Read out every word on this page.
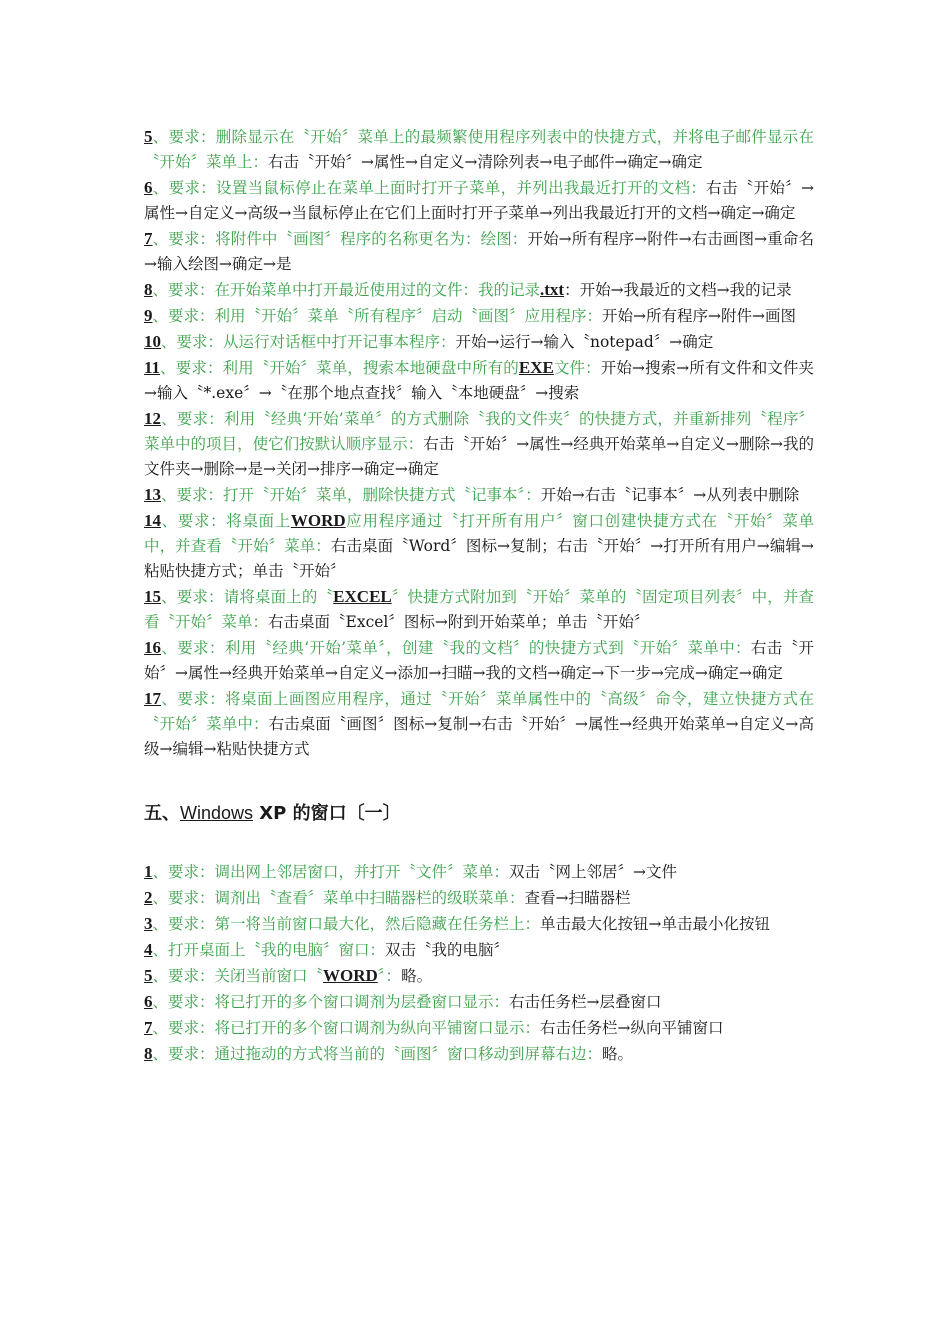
5、要求：删除显示在〝开始〞菜单上的最频繁使用程序列表中的快捷方式，并将电子邮件显示在〝开始〞菜单上：右击〝开始〞→属性→自定义→清除列表→电子邮件→确定→确定

6、要求：设置当鼠标停止在菜单上面时打开子菜单，并列出我最近打开的文档：右击〝开始〞→属性→自定义→高级→当鼠标停止在它们上面时打开子菜单→列出我最近打开的文档→确定→确定

7、要求：将附件中〝画图〞程序的名称更名为：绘图：开始→所有程序→附件→右击画图→重命名→输入绘图→确定→是

8、要求：在开始菜单中打开最近使用过的文件：我的记录.txt：开始→我最近的文档→我的记录

9、要求：利用〝开始〞菜单〝所有程序〞启动〝画图〞应用程序：开始→所有程序→附件→画图

10、要求：从运行对话框中打开记事本程序：开始→运行→输入〝notepad〞→确定

11、要求：利用〝开始〞菜单，搜索本地硬盘中所有的EXE文件：开始→搜索→所有文件和文件夹→输入〝*.exe〞→〝在那个地点查找〞输入〝本地硬盘〞→搜索

12、要求：利用〝经典‘开始’菜单〞的方式删除〝我的文件夹〞的快捷方式，并重新排列〝程序〞菜单中的项目，使它们按默认顺序显示：右击〝开始〞→属性→经典开始菜单→自定义→删除→我的文件夹→删除→是→关闭→排序→确定→确定

13、要求：打开〝开始〞菜单，删除快捷方式〝记事本〞：开始→右击〝记事本〞→从列表中删除

14、要求：将桌面上WORD应用程序通过〝打开所有用户〞窗口创建快捷方式在〝开始〞菜单中，并查看〝开始〞菜单：右击桌面〝Word〞图标→复制；右击〝开始〞→打开所有用户→编辑→粘贴快捷方式；单击〝开始〞

15、要求：请将桌面上的〝EXCEL〞快捷方式附加到〝开始〞菜单的〝固定项目列表〞中，并查看〝开始〞菜单：右击桌面〝Excel〞图标→附到开始菜单；单击〝开始〞

16、要求：利用〝经典‘开始’菜单〞，创建〝我的文档〞的快捷方式到〝开始〞菜单中：右击〝开始〞→属性→经典开始菜单→自定义→添加→扫瞄→我的文档→确定→下一步→完成→确定→确定

17、要求：将桌面上画图应用程序，通过〝开始〞菜单属性中的〝高级〞命令，建立快捷方式在〝开始〞菜单中：右击桌面〝画图〞图标→复制→右击〝开始〞→属性→经典开始菜单→自定义→高级→编辑→粘贴快捷方式

五、Windows XP 的窗口〔一〕

1、要求：调出网上邻居窗口，并打开〝文件〞菜单：双击〝网上邻居〞→文件

2、要求：调剂出〝查看〞菜单中扫瞄器栏的级联菜单：查看→扫瞄器栏

3、要求：第一将当前窗口最大化，然后隐藏在任务栏上：单击最大化按钮→单击最小化按钮

4、打开桌面上〝我的电脑〞窗口：双击〝我的电脑〞

5、要求：关闭当前窗口〝WORD〞：略。

6、要求：将已打开的多个窗口调剂为层叠窗口显示：右击任务栏→层叠窗口

7、要求：将已打开的多个窗口调剂为纵向平铺窗口显示：右击任务栏→纵向平铺窗口

8、要求：通过拖动的方式将当前的〝画图〞窗口移动到屏幕右边：略。
